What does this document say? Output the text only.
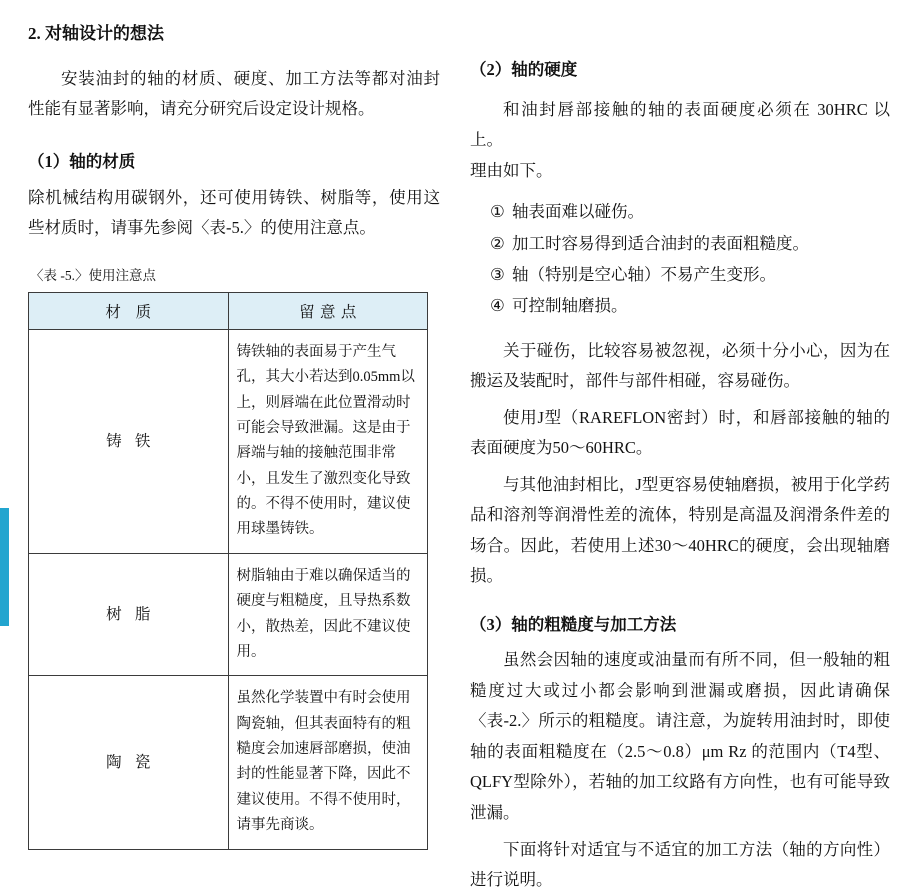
2. 对轴设计的想法

安装油封的轴的材质、硬度、加工方法等都对油封性能有显著影响，请充分研究后设定设计规格。

（1）轴的材质

除机械结构用碳钢外，还可使用铸铁、树脂等，使用这些材质时，请事先参阅〈表-5.〉的使用注意点。

〈表 -5.〉使用注意点

材 质	留意点
铸 铁	铸铁轴的表面易于产生气孔，其大小若达到0.05mm以上，则唇端在此位置滑动时可能会导致泄漏。这是由于唇端与轴的接触范围非常小，且发生了激烈变化导致的。不得不使用时，建议使用球墨铸铁。
树 脂	树脂轴由于难以确保适当的硬度与粗糙度，且导热系数小，散热差，因此不建议使用。
陶 瓷	虽然化学装置中有时会使用陶瓷轴，但其表面特有的粗糙度会加速唇部磨损，使油封的性能显著下降，因此不建议使用。不得不使用时，请事先商谈。

（2）轴的硬度

和油封唇部接触的轴的表面硬度必须在 30HRC 以上。

理由如下。

① 轴表面难以碰伤。

② 加工时容易得到适合油封的表面粗糙度。

③ 轴（特别是空心轴）不易产生变形。

④ 可控制轴磨损。

关于碰伤，比较容易被忽视，必须十分小心，因为在搬运及装配时，部件与部件相碰，容易碰伤。

使用J型（RAREFLON密封）时，和唇部接触的轴的表面硬度为50～60HRC。

与其他油封相比，J型更容易使轴磨损，被用于化学药品和溶剂等润滑性差的流体，特别是高温及润滑条件差的场合。因此，若使用上述30～40HRC的硬度，会出现轴磨损。

（3）轴的粗糙度与加工方法

虽然会因轴的速度或油量而有所不同，但一般轴的粗糙度过大或过小都会影响到泄漏或磨损，因此请确保〈表-2.〉所示的粗糙度。请注意，为旋转用油封时，即使轴的表面粗糙度在（2.5～0.8）μm Rz 的范围内（T4型、QLFY型除外），若轴的加工纹路有方向性，也有可能导致泄漏。

下面将针对适宜与不适宜的加工方法（轴的方向性）进行说明。
